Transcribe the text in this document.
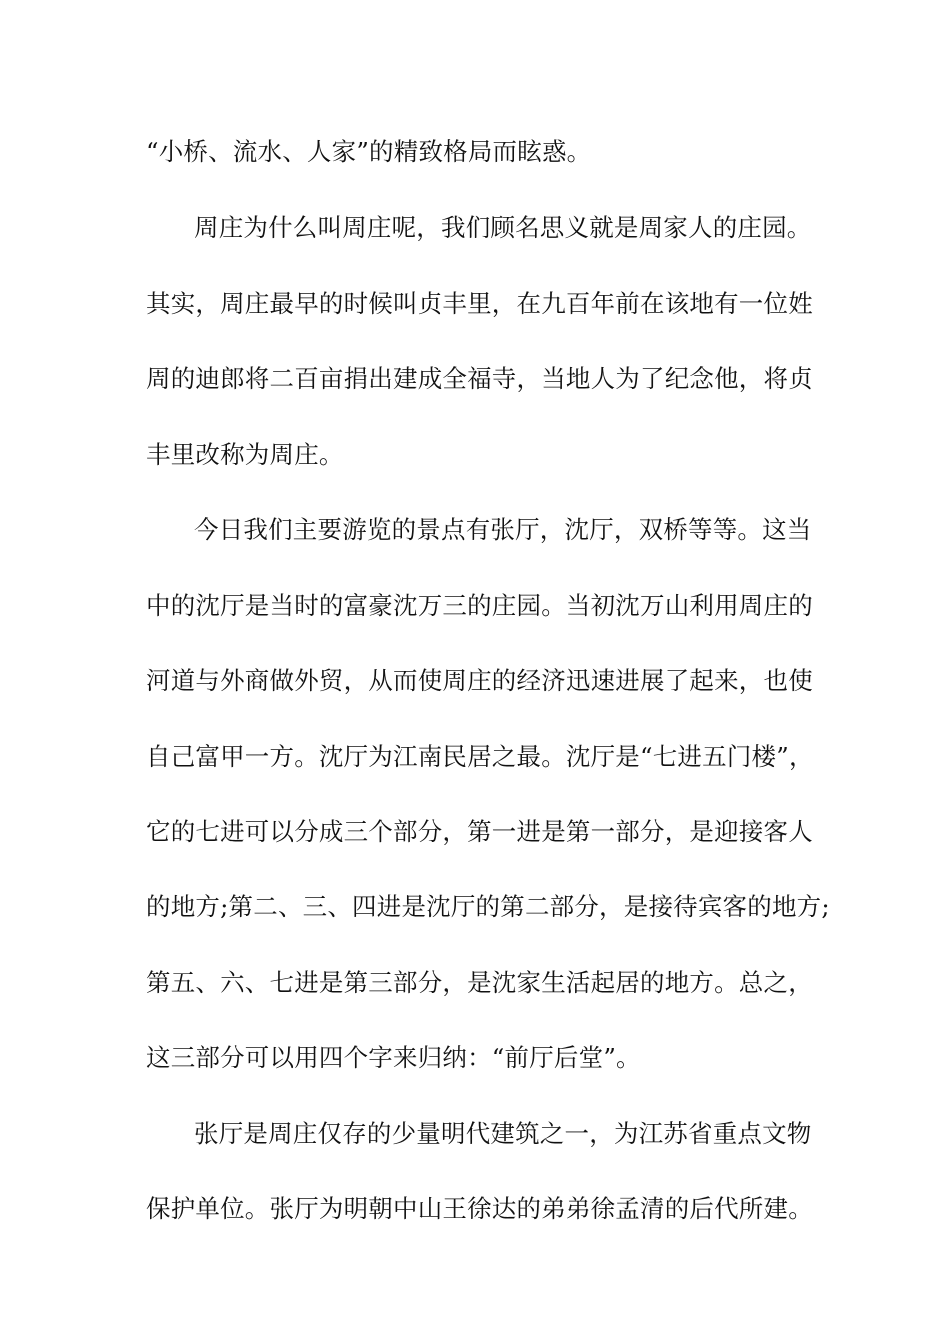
“小桥、流水、人家”的精致格局而眩惑。
周庄为什么叫周庄呢，我们顾名思义就是周家人的庄园。
其实，周庄最早的时候叫贞丰里，在九百年前在该地有一位姓
周的迪郎将二百亩捐出建成全福寺，当地人为了纪念他，将贞
丰里改称为周庄。
今日我们主要游览的景点有张厅，沈厅，双桥等等。这当
中的沈厅是当时的富豪沈万三的庄园。当初沈万山利用周庄的
河道与外商做外贸，从而使周庄的经济迅速进展了起来，也使
自己富甲一方。沈厅为江南民居之最。沈厅是“七进五门楼”，
它的七进可以分成三个部分，第一进是第一部分，是迎接客人
的地方;第二、三、四进是沈厅的第二部分，是接待宾客的地方;
第五、六、七进是第三部分，是沈家生活起居的地方。总之，
这三部分可以用四个字来归纳：“前厅后堂”。
张厅是周庄仅存的少量明代建筑之一，为江苏省重点文物
保护单位。张厅为明朝中山王徐达的弟弟徐孟清的后代所建。
